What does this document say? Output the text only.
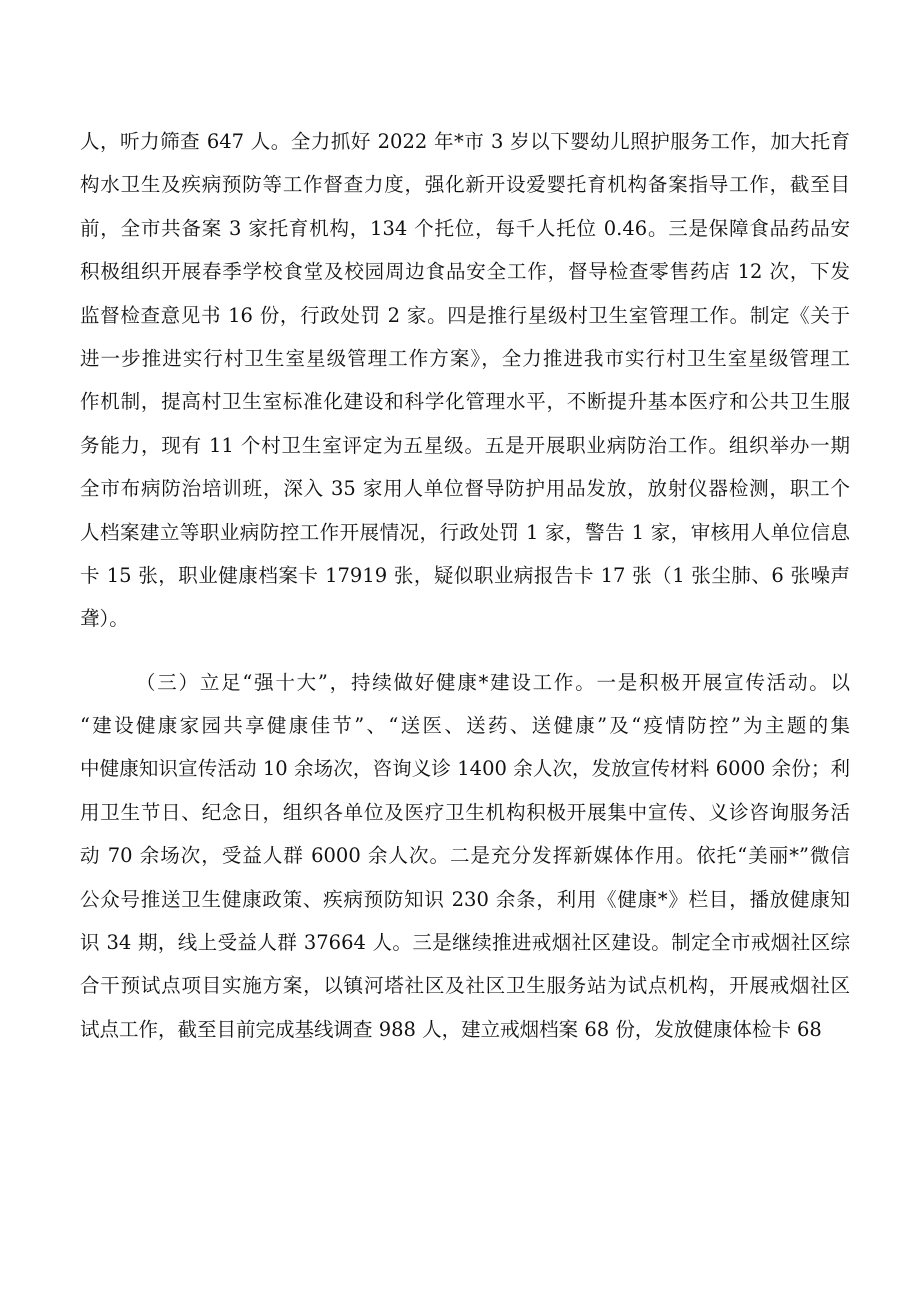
人，听力筛查 647 人。全力抓好 2022 年*市 3 岁以下婴幼儿照护服务工作，加大托育
构水卫生及疾病预防等工作督查力度，强化新开设爱婴托育机构备案指导工作，截至目
前，全市共备案 3 家托育机构，134 个托位，每千人托位 0.46。三是保障食品药品安
积极组织开展春季学校食堂及校园周边食品安全工作，督导检查零售药店 12 次，下发
监督检查意见书 16 份，行政处罚 2 家。四是推行星级村卫生室管理工作。制定《关于
进一步推进实行村卫生室星级管理工作方案》，全力推进我市实行村卫生室星级管理工
作机制，提高村卫生室标准化建设和科学化管理水平，不断提升基本医疗和公共卫生服
务能力，现有 11 个村卫生室评定为五星级。五是开展职业病防治工作。组织举办一期
全市布病防治培训班，深入 35 家用人单位督导防护用品发放，放射仪器检测，职工个
人档案建立等职业病防控工作开展情况，行政处罚 1 家，警告 1 家，审核用人单位信息
卡 15 张，职业健康档案卡 17919 张，疑似职业病报告卡 17 张（1 张尘肺、6 张噪声
聋）。
（三）立足“强十大”，持续做好健康*建设工作。一是积极开展宣传活动。以
“建设健康家园共享健康佳节”、“送医、送药、送健康”及“疫情防控”为主题的集
中健康知识宣传活动 10 余场次，咨询义诊 1400 余人次，发放宣传材料 6000 余份；利
用卫生节日、纪念日，组织各单位及医疗卫生机构积极开展集中宣传、义诊咨询服务活
动 70 余场次，受益人群 6000 余人次。二是充分发挥新媒体作用。依托“美丽*”微信
公众号推送卫生健康政策、疾病预防知识 230 余条，利用《健康*》栏目，播放健康知
识 34 期，线上受益人群 37664 人。三是继续推进戒烟社区建设。制定全市戒烟社区综
合干预试点项目实施方案，以镇河塔社区及社区卫生服务站为试点机构，开展戒烟社区
试点工作，截至目前完成基线调查 988 人，建立戒烟档案 68 份，发放健康体检卡 68
